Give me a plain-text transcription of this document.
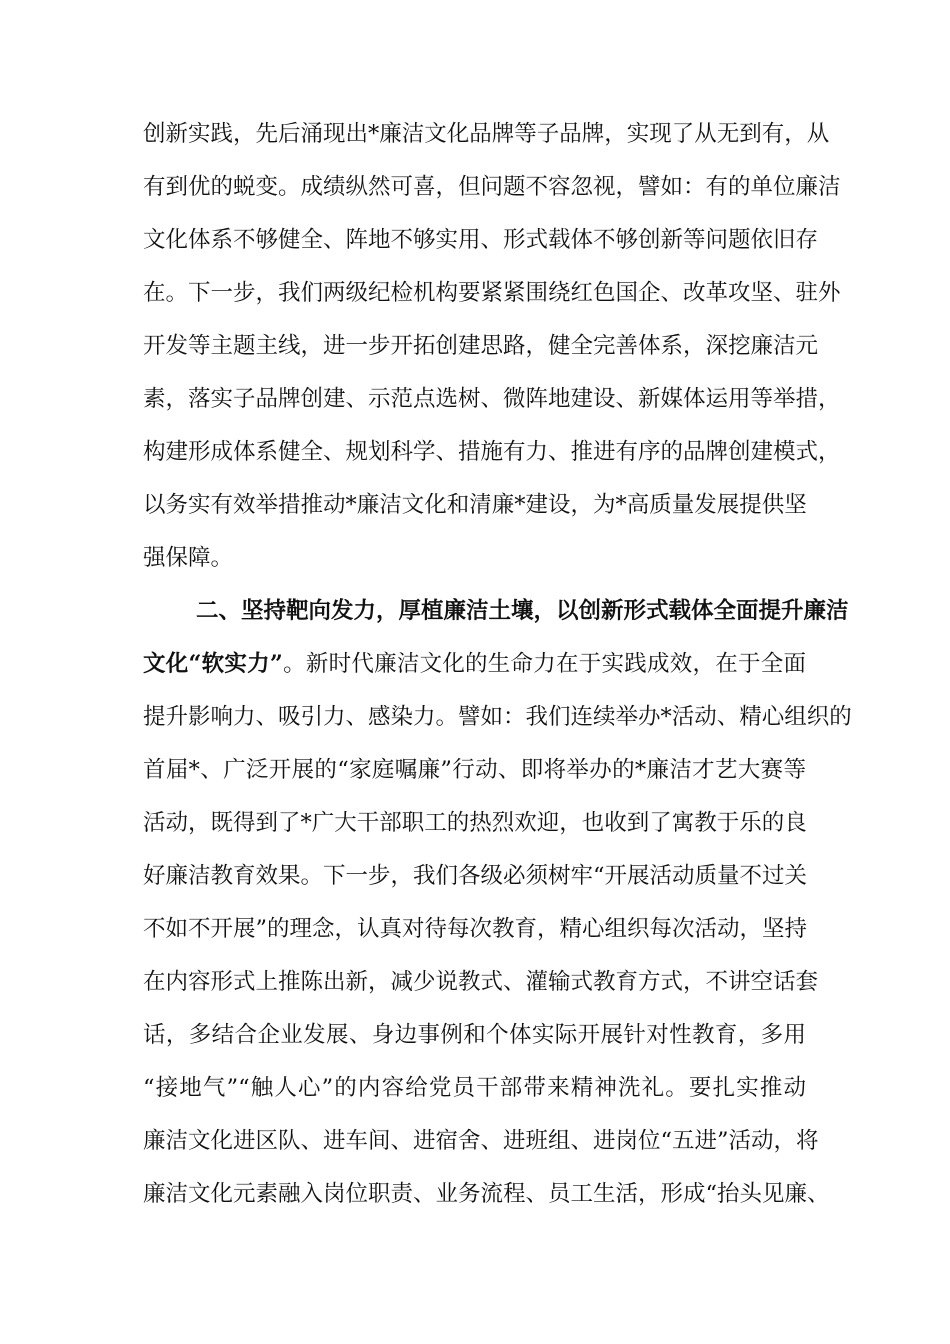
创新实践，先后涌现出*廉洁文化品牌等子品牌，实现了从无到有，从
有到优的蜕变。成绩纵然可喜，但问题不容忽视，譬如：有的单位廉洁
文化体系不够健全、阵地不够实用、形式载体不够创新等问题依旧存
在。下一步，我们两级纪检机构要紧紧围绕红色国企、改革攻坚、驻外
开发等主题主线，进一步开拓创建思路，健全完善体系，深挖廉洁元
素，落实子品牌创建、示范点选树、微阵地建设、新媒体运用等举措，
构建形成体系健全、规划科学、措施有力、推进有序的品牌创建模式，
以务实有效举措推动*廉洁文化和清廉*建设，为*高质量发展提供坚
强保障。
二、坚持靶向发力，厚植廉洁土壤，以创新形式载体全面提升廉洁
文化“软实力”。新时代廉洁文化的生命力在于实践成效，在于全面
提升影响力、吸引力、感染力。譬如：我们连续举办*活动、精心组织的
首届*、广泛开展的“家庭嘱廉”行动、即将举办的*廉洁才艺大赛等
活动，既得到了*广大干部职工的热烈欢迎，也收到了寓教于乐的良
好廉洁教育效果。下一步，我们各级必须树牢“开展活动质量不过关
不如不开展”的理念，认真对待每次教育，精心组织每次活动，坚持
在内容形式上推陈出新，减少说教式、灌输式教育方式，不讲空话套
话，多结合企业发展、身边事例和个体实际开展针对性教育，多用
“接地气”“触人心”的内容给党员干部带来精神洗礼。要扎实推动
廉洁文化进区队、进车间、进宿舍、进班组、进岗位“五进”活动，将
廉洁文化元素融入岗位职责、业务流程、员工生活，形成“抬头见廉、
